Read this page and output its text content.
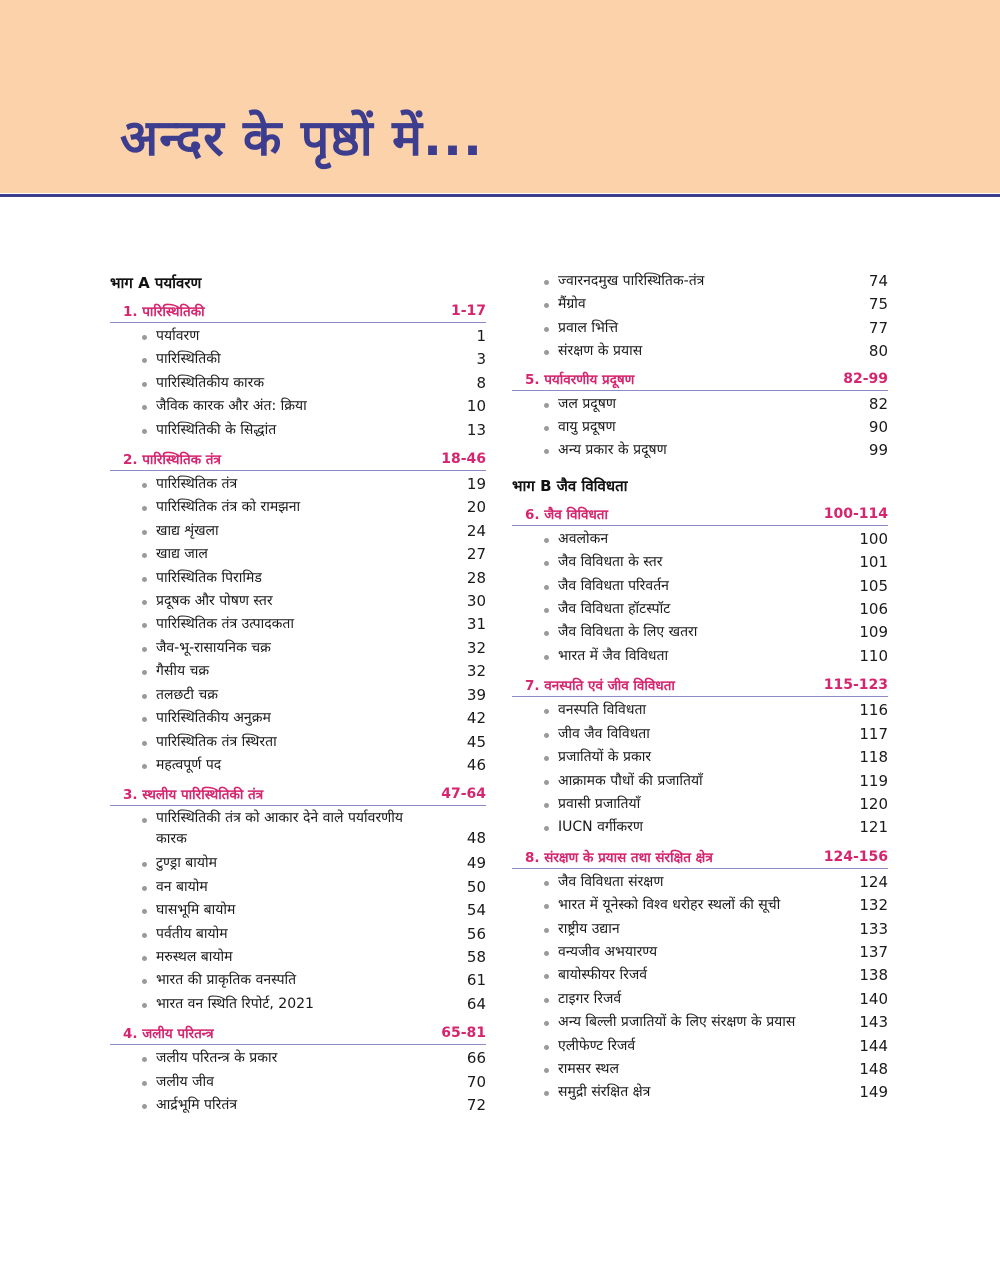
अन्दर के पृष्ठों में...
भाग A पर्यावरण
1. पारिस्थितिकी	1-17
पर्यावरण	1
पारिस्थितिकी	3
पारिस्थितिकीय कारक	8
जैविक कारक और अंत: क्रिया	10
पारिस्थितिकी के सिद्धांत	13
2. पारिस्थितिक तंत्र	18-46
पारिस्थितिक तंत्र	19
पारिस्थितिक तंत्र को रामझना	20
खाद्य शृंखला	24
खाद्य जाल	27
पारिस्थितिक पिरामिड	28
प्रदूषक और पोषण स्तर	30
पारिस्थितिक तंत्र उत्पादकता	31
जैव-भू-रासायनिक चक्र	32
गैसीय चक्र	32
तलछटी चक्र	39
पारिस्थितिकीय अनुक्रम	42
पारिस्थितिक तंत्र स्थिरता	45
महत्वपूर्ण पद	46
3. स्थलीय पारिस्थितिकी तंत्र	47-64
पारिस्थितिकी तंत्र को आकार देने वाले पर्यावरणीय कारक	48
टुण्ड्रा बायोम	49
वन बायोम	50
घासभूमि बायोम	54
पर्वतीय बायोम	56
मरुस्थल बायोम	58
भारत की प्राकृतिक वनस्पति	61
भारत वन स्थिति रिपोर्ट, 2021	64
4. जलीय परितन्त्र	65-81
जलीय परितन्त्र के प्रकार	66
जलीय जीव	70
आर्द्रभूमि परितंत्र	72
ज्वारनदमुख पारिस्थितिक-तंत्र	74
मैंग्रोव	75
प्रवाल भित्ति	77
संरक्षण के प्रयास	80
5. पर्यावरणीय प्रदूषण	82-99
जल प्रदूषण	82
वायु प्रदूषण	90
अन्य प्रकार के प्रदूषण	99
भाग B जैव विविधता
6. जैव विविधता	100-114
अवलोकन	100
जैव विविधता के स्तर	101
जैव विविधता परिवर्तन	105
जैव विविधता हॉटस्पॉट	106
जैव विविधता के लिए खतरा	109
भारत में जैव विविधता	110
7. वनस्पति एवं जीव विविधता	115-123
वनस्पति विविधता	116
जीव जैव विविधता	117
प्रजातियों के प्रकार	118
आक्रामक पौधों की प्रजातियाँ	119
प्रवासी प्रजातियाँ	120
IUCN वर्गीकरण	121
8. संरक्षण के प्रयास तथा संरक्षित क्षेत्र	124-156
जैव विविधता संरक्षण	124
भारत में यूनेस्को विश्व धरोहर स्थलों की सूची	132
राष्ट्रीय उद्यान	133
वन्यजीव अभयारण्य	137
बायोस्फीयर रिजर्व	138
टाइगर रिजर्व	140
अन्य बिल्ली प्रजातियों के लिए संरक्षण के प्रयास	143
एलीफेण्ट रिजर्व	144
रामसर स्थल	148
समुद्री संरक्षित क्षेत्र	149
